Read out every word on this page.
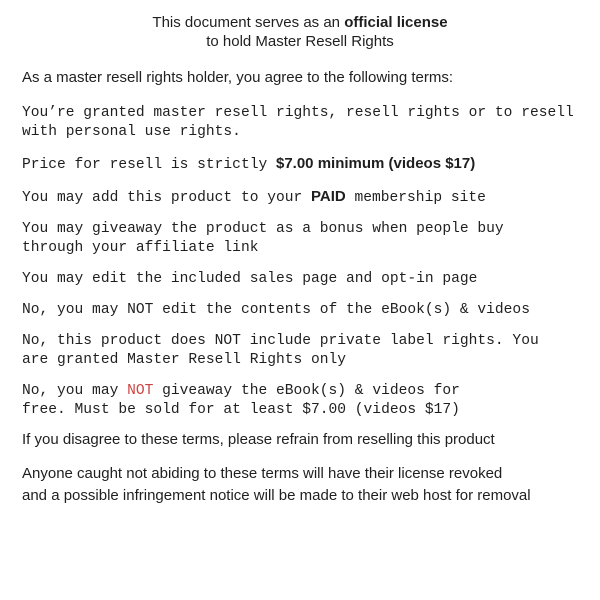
This document serves as an official license
to hold Master Resell Rights
As a master resell rights holder, you agree to the following terms:
You’re granted master resell rights, resell rights or to resell
with personal use rights.
Price for resell is strictly $7.00 minimum (videos $17)
You may add this product to your PAID membership site
You may giveaway the product as a bonus when people buy
through your affiliate link
You may edit the included sales page and opt-in page
No, you may NOT edit the contents of the eBook(s) & videos
No, this product does NOT include private label rights. You
are granted Master Resell Rights only
No, you may NOT giveaway the eBook(s) & videos for
free. Must be sold for at least $7.00 (videos $17)
If you disagree to these terms, please refrain from reselling this product
Anyone caught not abiding to these terms will have their license revoked
and a possible infringement notice will be made to their web host for removal
